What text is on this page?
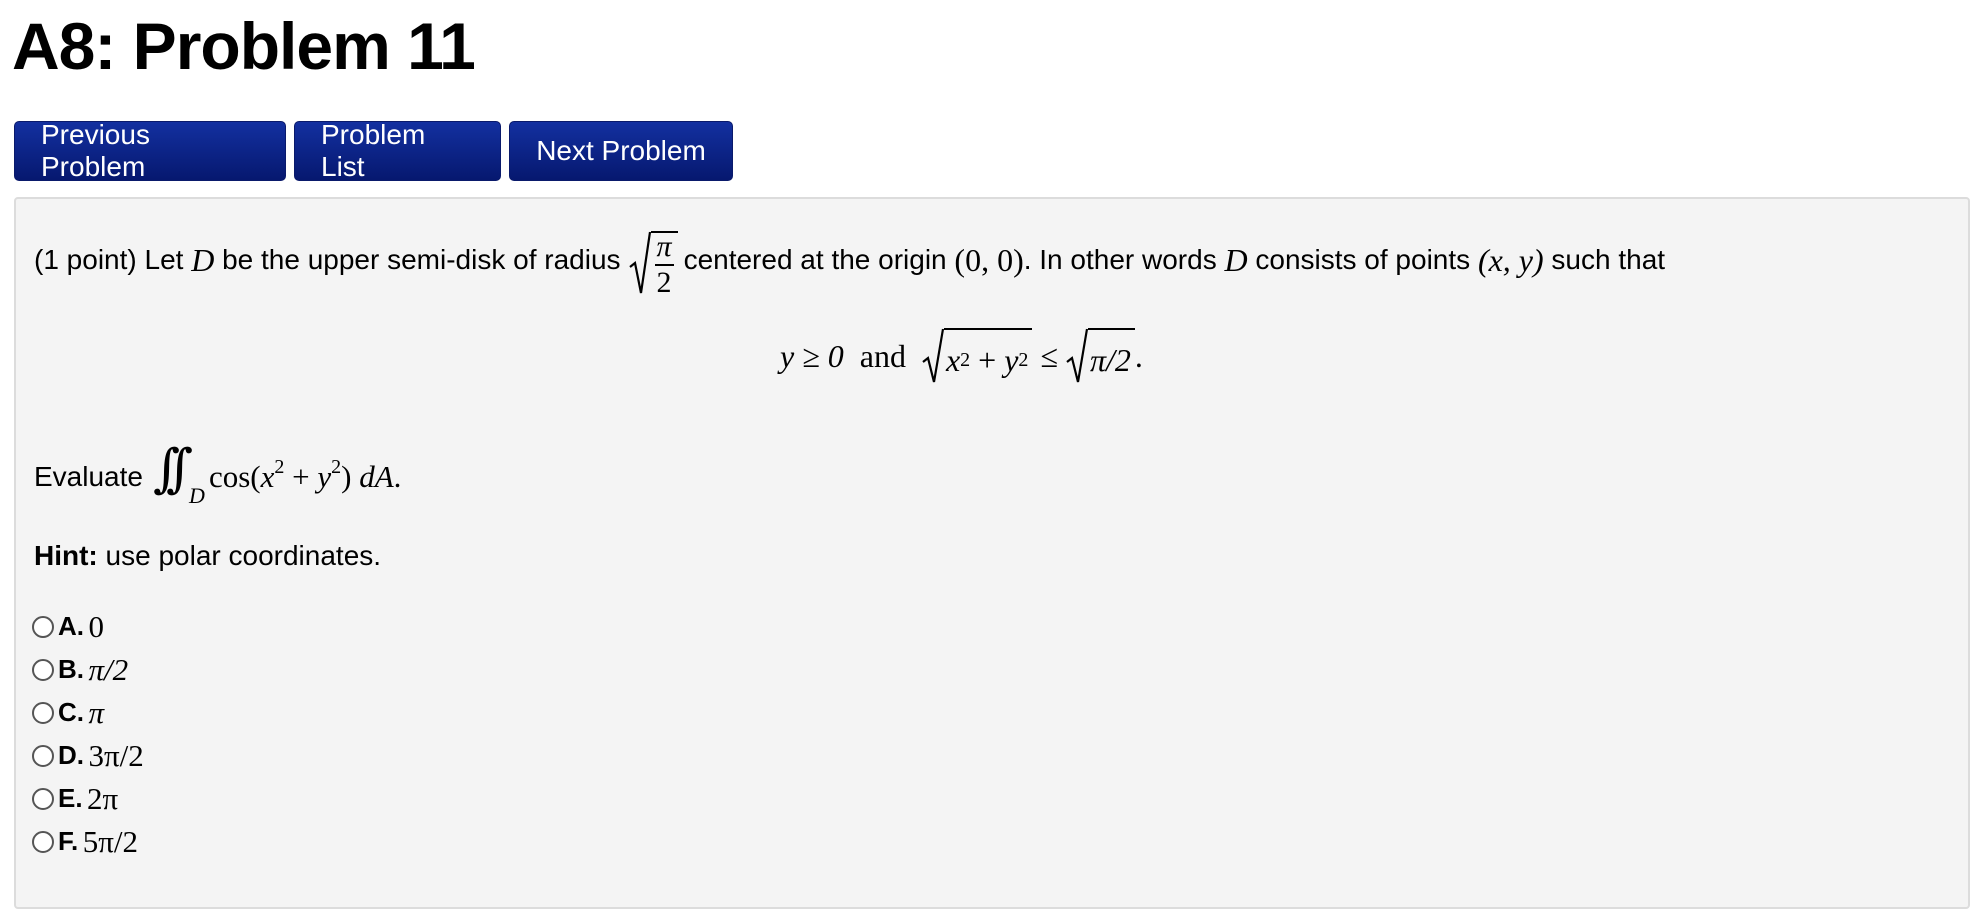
A8: Problem 11
Previous Problem
Problem List
Next Problem
(1 point) Let D be the upper semi-disk of radius $\frac{\pi}{2}$ centered at the origin (0, 0) . In other words D consists of points (x, y) such that
y ≥ 0 and x 2 + y 2 ≤ π/2 .
Evaluate

∫∫

D

$\cos(x^2 + y^2)$ dA.
Hint: use polar coordinates.
A.
0
B.
π/2
C.
π
D.
3π/2
E.
2π
F.
5π/2
